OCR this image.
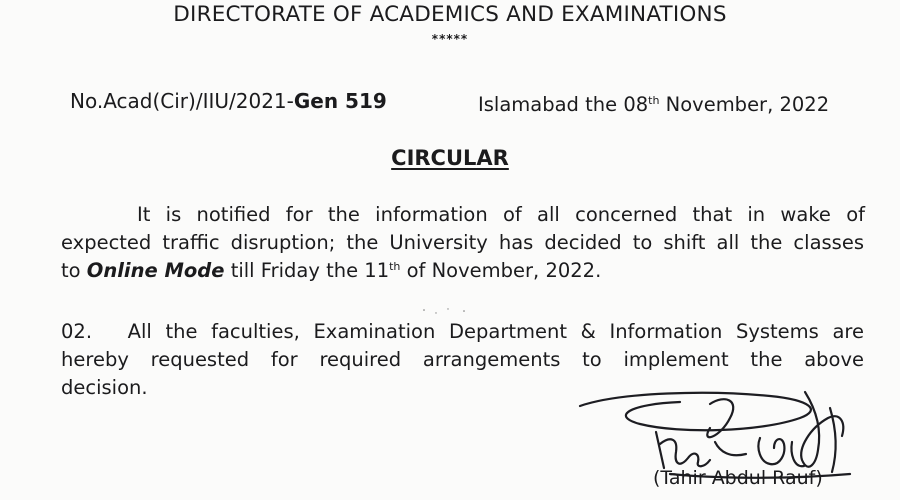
DIRECTORATE OF ACADEMICS AND EXAMINATIONS
*****
No.Acad(Cir)/IIU/2021-Gen 519	Islamabad the 08th November, 2022
CIRCULAR
It is notified for the information of all concerned that in wake of
expected traffic disruption; the University has decided to shift all the classes
to Online Mode till Friday the 11th of November, 2022.
02. All the faculties, Examination Department & Information Systems are
hereby requested for required arrangements to implement the above
decision.
(Tahir Abdul Rauf)
